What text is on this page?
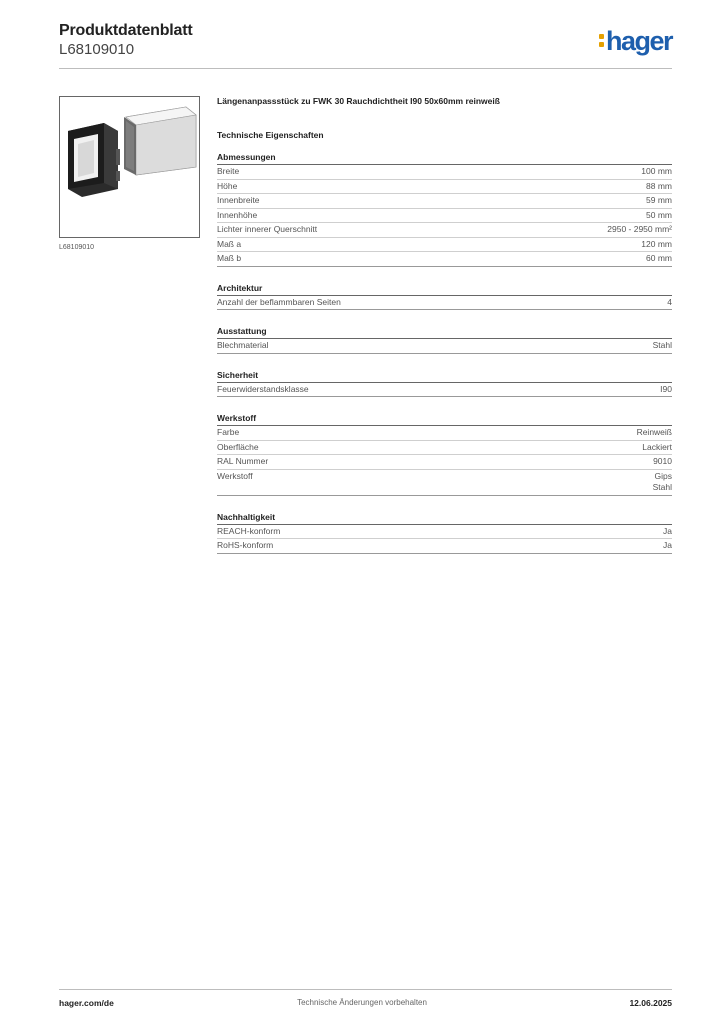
Produktdatenblatt
L68109010	hager
L68109010
Längenanpassstück zu FWK 30 Rauchdichtheit I90 50x60mm reinweiß
Technische Eigenschaften
Abmessungen
Breite	100 mm
Höhe	88 mm
Innenbreite	59 mm
Innenhöhe	50 mm
Lichter innerer Querschnitt	2950 - 2950 mm²
Maß a	120 mm
Maß b	60 mm
Architektur
Anzahl der beflammbaren Seiten	4
Ausstattung
Blechmaterial	Stahl
Sicherheit
Feuerwiderstandsklasse	I90
Werkstoff
Farbe	Reinweiß
Oberfläche	Lackiert
RAL Nummer	9010
Werkstoff	Gips
Stahl
Nachhaltigkeit
REACH-konform	Ja
RoHS-konform	Ja
hager.com/de	Technische Änderungen vorbehalten	12.06.2025
